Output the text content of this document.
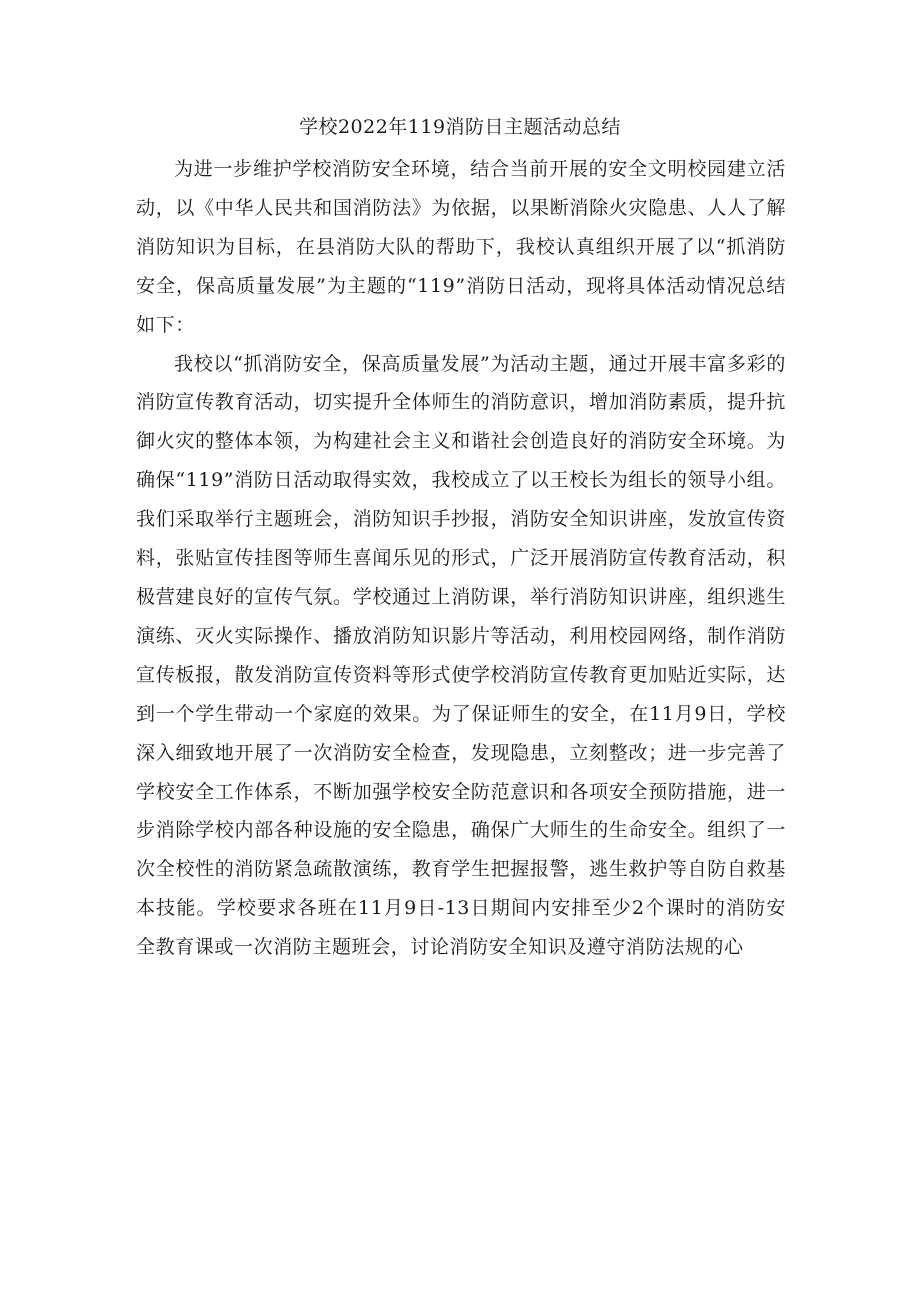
学校2022年119消防日主题活动总结

为进一步维护学校消防安全环境，结合当前开展的安全文明校园建立活动，以《中华人民共和国消防法》为依据，以果断消除火灾隐患、人人了解消防知识为目标，在县消防大队的帮助下，我校认真组织开展了以“抓消防安全，保高质量发展”为主题的“119”消防日活动，现将具体活动情况总结如下：

我校以“抓消防安全，保高质量发展”为活动主题，通过开展丰富多彩的消防宣传教育活动，切实提升全体师生的消防意识，增加消防素质，提升抗御火灾的整体本领，为构建社会主义和谐社会创造良好的消防安全环境。为确保“119”消防日活动取得实效，我校成立了以王校长为组长的领导小组。我们采取举行主题班会，消防知识手抄报，消防安全知识讲座，发放宣传资料，张贴宣传挂图等师生喜闻乐见的形式，广泛开展消防宣传教育活动，积极营建良好的宣传气氛。学校通过上消防课，举行消防知识讲座，组织逃生演练、灭火实际操作、播放消防知识影片等活动，利用校园网络，制作消防宣传板报，散发消防宣传资料等形式使学校消防宣传教育更加贴近实际，达到一个学生带动一个家庭的效果。为了保证师生的安全，在11月9日，学校深入细致地开展了一次消防安全检查，发现隐患，立刻整改；进一步完善了学校安全工作体系，不断加强学校安全防范意识和各项安全预防措施，进一步消除学校内部各种设施的安全隐患，确保广大师生的生命安全。组织了一次全校性的消防紧急疏散演练，教育学生把握报警，逃生救护等自防自救基本技能。学校要求各班在11月9日-13日期间内安排至少2个课时的消防安全教育课或一次消防主题班会，讨论消防安全知识及遵守消防法规的心
